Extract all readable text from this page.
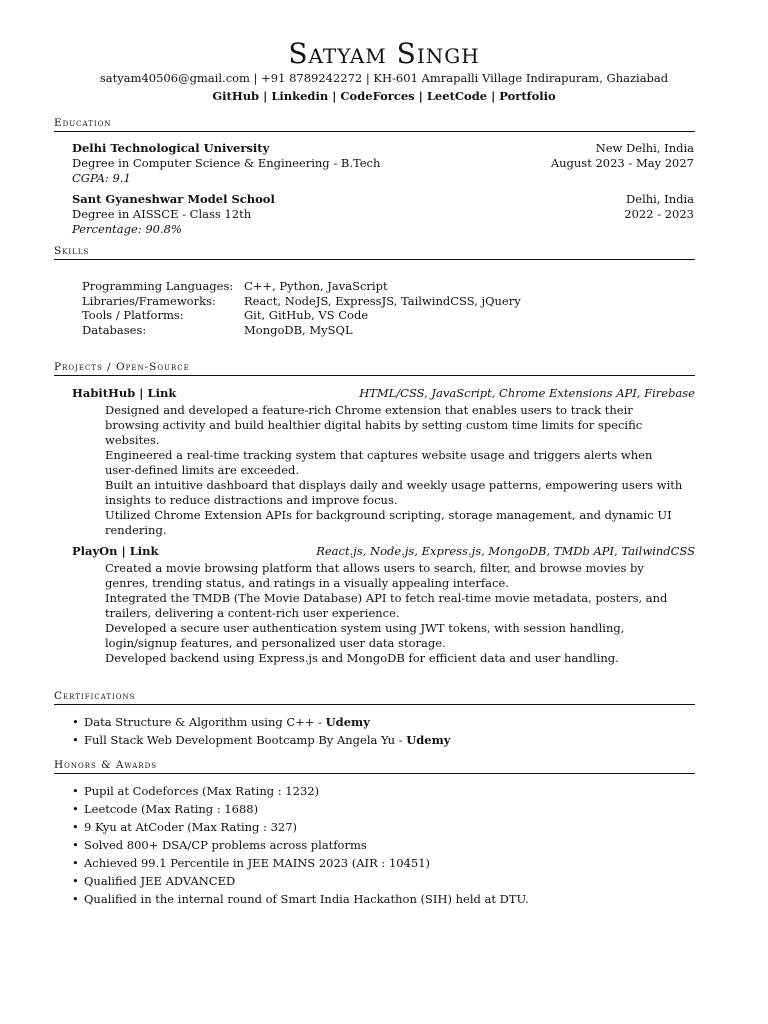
Satyam Singh
satyam40506@gmail.com | +91 8789242272 | KH-601 Amrapalli Village Indirapuram, Ghaziabad
GitHub | Linkedin | CodeForces | LeetCode | Portfolio
Education
Delhi Technological University	New Delhi, India
Degree in Computer Science & Engineering - B.Tech	August 2023 - May 2027
CGPA: 9.1
Sant Gyaneshwar Model School	Delhi, India
Degree in AISSCE - Class 12th	2022 - 2023
Percentage: 90.8%
Skills
Programming Languages: C++, Python, JavaScript
Libraries/Frameworks: React, NodeJS, ExpressJS, TailwindCSS, jQuery
Tools / Platforms:	Git, GitHub, VS Code
Databases:	MongoDB, MySQL
Projects / Open-Source
HabitHub | Link	HTML/CSS, JavaScript, Chrome Extensions API, Firebase

Designed and developed a feature-rich Chrome extension that enables users to track their browsing activity and build healthier digital habits by setting custom time limits for specific websites.

Engineered a real-time tracking system that captures website usage and triggers alerts when user-defined limits are exceeded.

Built an intuitive dashboard that displays daily and weekly usage patterns, empowering users with insights to reduce distractions and improve focus.

Utilized Chrome Extension APIs for background scripting, storage management, and dynamic UI rendering.

PlayOn | Link	React.js, Node.js, Express.js, MongoDB, TMDb API, TailwindCSS

Created a movie browsing platform that allows users to search, filter, and browse movies by genres, trending status, and ratings in a visually appealing interface.

Integrated the TMDB (The Movie Database) API to fetch real-time movie metadata, posters, and trailers, delivering a content-rich user experience.

Developed a secure user authentication system using JWT tokens, with session handling, login/signup features, and personalized user data storage.

Developed backend using Express.js and MongoDB for efficient data and user handling.

Certifications
• Data Structure & Algorithm using C++ - Udemy
• Full Stack Web Development Bootcamp By Angela Yu - Udemy
Honors & Awards
• Pupil at Codeforces (Max Rating : 1232)
• Leetcode (Max Rating : 1688)
• 9 Kyu at AtCoder (Max Rating : 327)
• Solved 800+ DSA/CP problems across platforms
• Achieved 99.1 Percentile in JEE MAINS 2023 (AIR : 10451)
• Qualified JEE ADVANCED
• Qualified in the internal round of Smart India Hackathon (SIH) held at DTU.
